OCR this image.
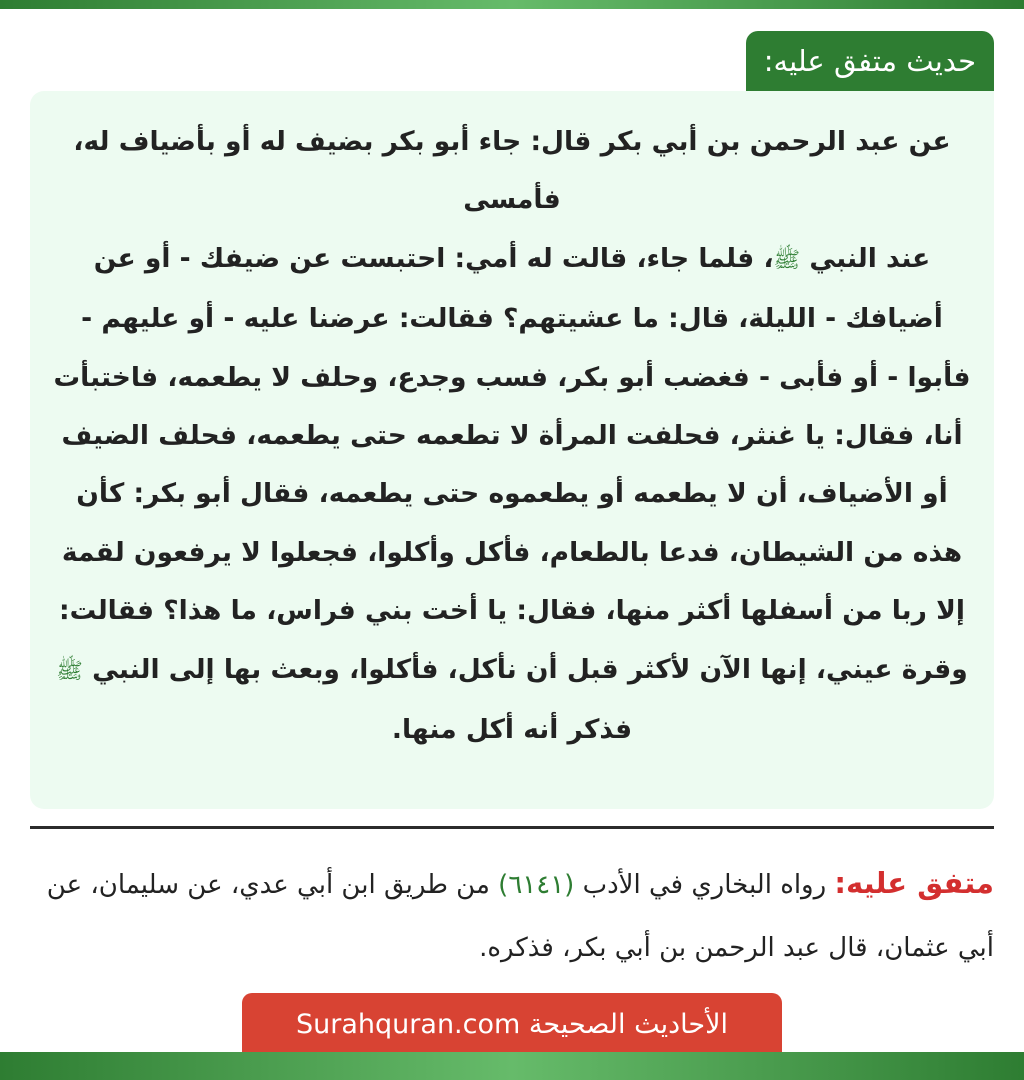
حديث متفق عليه:

عن عبد الرحمن بن أبي بكر قال: جاء أبو بكر بضيف له أو بأضياف له، فأمسى

عند النبي ﷺ، فلما جاء، قالت له أمي: احتبست عن ضيفك - أو عن أضيافك - الليلة، قال: ما عشيتهم؟ فقالت: عرضنا عليه - أو عليهم - فأبوا - أو فأبى - فغضب أبو بكر، فسب وجدع، وحلف لا يطعمه، فاختبأت أنا، فقال: يا غنثر، فحلفت المرأة لا تطعمه حتى يطعمه، فحلف الضيف أو الأضياف، أن لا يطعمه أو يطعموه حتى يطعمه، فقال أبو بكر: كأن هذه من الشيطان، فدعا بالطعام، فأكل وأكلوا، فجعلوا لا يرفعون لقمة إلا ربا من أسفلها أكثر منها، فقال: يا أخت بني فراس، ما هذا؟ فقالت: وقرة عيني، إنها الآن لأكثر قبل أن نأكل، فأكلوا، وبعث بها إلى النبي ﷺ فذكر أنه أكل منها.

متفق عليه: رواه البخاري في الأدب (٦١٤١) من طريق ابن أبي عدي، عن سليمان، عن أبي عثمان، قال عبد الرحمن بن أبي بكر، فذكره.
الأحاديث الصحيحة Surahquran.com
